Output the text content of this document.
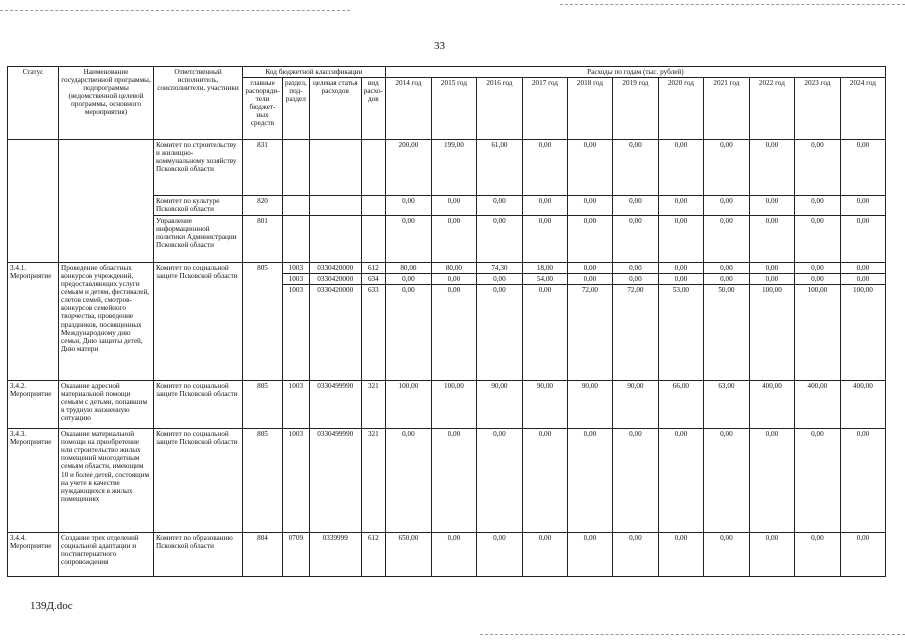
33
Статус	Наименование государственной программы, подпрограммы (ведомственной целевой программы, основного мероприятия)	Ответственный исполнитель, соисполнители, участники	Код бюджетной классификации				Расходы по годам (тыс. рублей)										
			главные распоряди-тели бюджет-ных средств	раздел, под-раздел	целевая статья расходов	вид расхо-дов	2014 год	2015 год	2016 год	2017 год	2018 год	2019 год	2020 год	2021 год	2022 год	2023 год	2024 год
		Комитет по строительству и жилищно-коммунальному хозяйству Псковской области	831				200,00	199,00	61,00	0,00	0,00	0,00	0,00	0,00	0,00	0,00	0,00
		Комитет по культуре Псковской области	820				0,00	0,00	0,00	0,00	0,00	0,00	0,00	0,00	0,00	0,00	0,00
		Управление информационной политики Администрации Псковской области	801				0,00	0,00	0,00	0,00	0,00	0,00	0,00	0,00	0,00	0,00	0,00
3.4.1. Мероприятие	Проведение областных конкурсов учреждений, предоставляющих услуги семьям и детям, фестивалей, слетов семей, смотров-конкурсов семейного творчества, проведение праздников, посвященных Международному дню семьи, Дню защиты детей, Дню матери	Комитет по социальной защите Псковской области	805	1003	0330420000	612	80,00	80,00	74,30	18,00	0,00	0,00	0,00	0,00	0,00	0,00	0,00
				1003	0330420000	634	0,00	0,00	0,00	54,00	0,00	0,00	0,00	0,00	0,00	0,00	0,00
				1003	0330420000	633	0,00	0,00	0,00	0,00	72,00	72,00	53,00	50,00	100,00	100,00	100,00
3.4.2. Мероприятие	Оказание адресной материальной помощи семьям с детьми, попавшим в трудную жизненную ситуацию	Комитет по социальной защите Псковской области	805	1003	0330499990	321	100,00	100,00	90,00	90,00	90,00	90,00	66,00	63,00	400,00	400,00	400,00
3.4.3. Мероприятие	Оказание материальной помощи на приобретение или строительство жилых помещений многодетным семьям области, имеющим 10 и более детей, состоящим на учете в качестве нуждающихся в жилых помещениях	Комитет по социальной защите Псковской области	805	1003	0330499990	321	0,00	0,00	0,00	0,00	0,00	0,00	0,00	0,00	0,00	0,00	0,00
3.4.4. Мероприятие	Создание трех отделений социальной адаптации и постинтернатного сопровождения	Комитет по образованию Псковской области	804	0709	0339999	612	650,00	0,00	0,00	0,00	0,00	0,00	0,00	0,00	0,00	0,00	0,00
139Д.doc
